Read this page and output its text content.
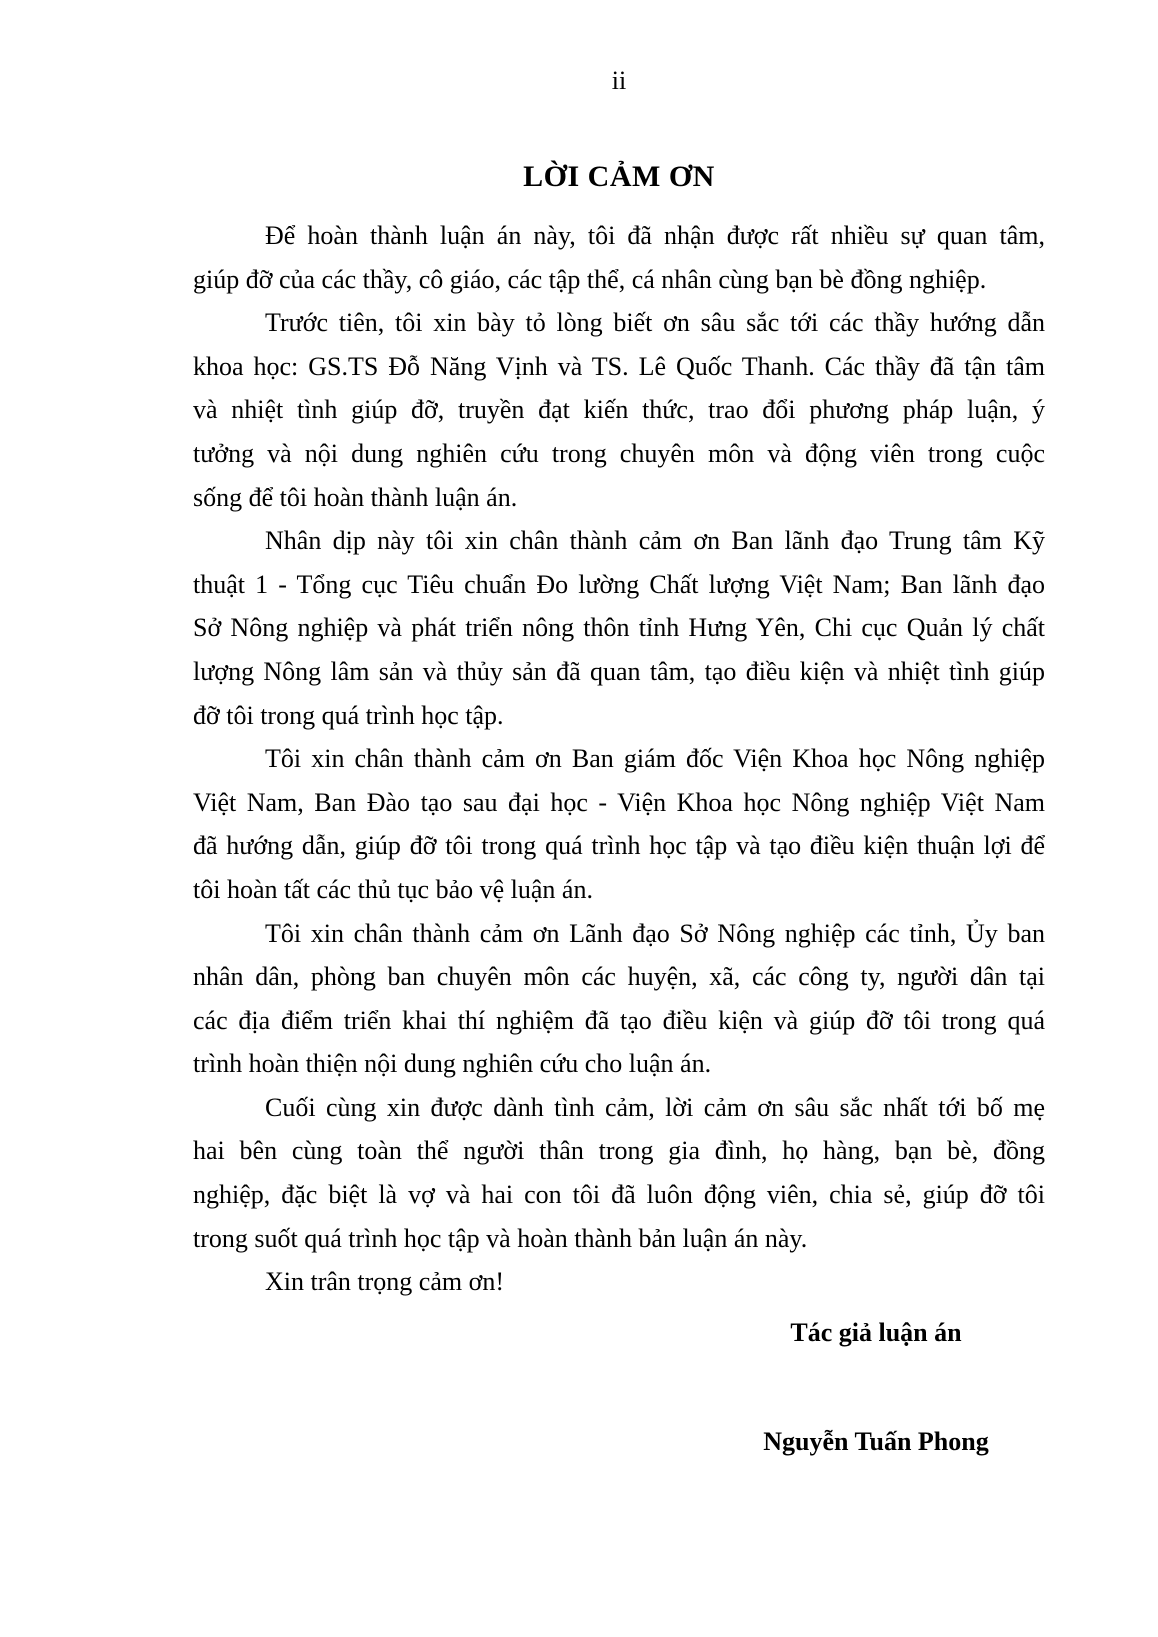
ii
LỜI CẢM ƠN
Để hoàn thành luận án này, tôi đã nhận được rất nhiều sự quan tâm,
giúp đỡ của các thầy, cô giáo, các tập thể, cá nhân cùng bạn bè đồng nghiệp.
Trước tiên, tôi xin bày tỏ lòng biết ơn sâu sắc tới các thầy hướng dẫn
khoa học: GS.TS Đỗ Năng Vịnh và TS. Lê Quốc Thanh. Các thầy đã tận tâm
và nhiệt tình giúp đỡ, truyền đạt kiến thức, trao đổi phương pháp luận, ý
tưởng và nội dung nghiên cứu trong chuyên môn và động viên trong cuộc
sống để tôi hoàn thành luận án.
Nhân dịp này tôi xin chân thành cảm ơn Ban lãnh đạo Trung tâm Kỹ
thuật 1 - Tổng cục Tiêu chuẩn Đo lường Chất lượng Việt Nam; Ban lãnh đạo
Sở Nông nghiệp và phát triển nông thôn tỉnh Hưng Yên, Chi cục Quản lý chất
lượng Nông lâm sản và thủy sản đã quan tâm, tạo điều kiện và nhiệt tình giúp
đỡ tôi trong quá trình học tập.
Tôi xin chân thành cảm ơn Ban giám đốc Viện Khoa học Nông nghiệp
Việt Nam, Ban Đào tạo sau đại học - Viện Khoa học Nông nghiệp Việt Nam
đã hướng dẫn, giúp đỡ tôi trong quá trình học tập và tạo điều kiện thuận lợi để
tôi hoàn tất các thủ tục bảo vệ luận án.
Tôi xin chân thành cảm ơn Lãnh đạo Sở Nông nghiệp các tỉnh, Ủy ban
nhân dân, phòng ban chuyên môn các huyện, xã, các công ty, người dân tại
các địa điểm triển khai thí nghiệm đã tạo điều kiện và giúp đỡ tôi trong quá
trình hoàn thiện nội dung nghiên cứu cho luận án.
Cuối cùng xin được dành tình cảm, lời cảm ơn sâu sắc nhất tới bố mẹ
hai bên cùng toàn thể người thân trong gia đình, họ hàng, bạn bè, đồng
nghiệp, đặc biệt là vợ và hai con tôi đã luôn động viên, chia sẻ, giúp đỡ tôi
trong suốt quá trình học tập và hoàn thành bản luận án này.
Xin trân trọng cảm ơn!
Tác giả luận án
Nguyễn Tuấn Phong
